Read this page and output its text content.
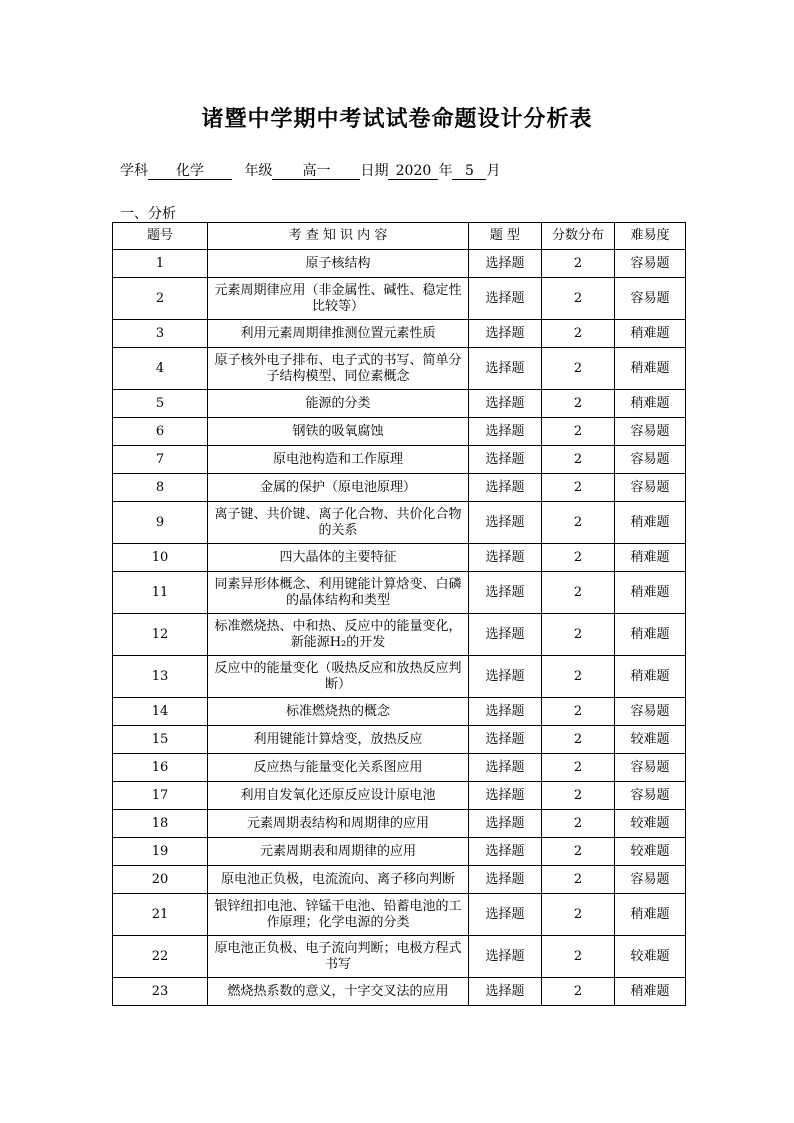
诸暨中学期中考试试卷命题设计分析表
学科 化学	年级 高一 日期 2020 年 5 月
一、分析
题号	考 查 知 识 内 容	题 型	分数分布	难易度
1	原子核结构	选择题	2	容易题
2	元素周期律应用（非金属性、碱性、稳定性比较等）	选择题	2	容易题
3	利用元素周期律推测位置元素性质	选择题	2	稍难题
4	原子核外电子排布、电子式的书写、简单分子结构模型、同位素概念	选择题	2	稍难题
5	能源的分类	选择题	2	稍难题
6	钢铁的吸氧腐蚀	选择题	2	容易题
7	原电池构造和工作原理	选择题	2	容易题
8	金属的保护（原电池原理）	选择题	2	容易题
9	离子键、共价键、离子化合物、共价化合物的关系	选择题	2	稍难题
10	四大晶体的主要特征	选择题	2	稍难题
11	同素异形体概念、利用键能计算焓变、白磷的晶体结构和类型	选择题	2	稍难题
12	标准燃烧热、中和热、反应中的能量变化，新能源H₂的开发	选择题	2	稍难题
13	反应中的能量变化（吸热反应和放热反应判断）	选择题	2	稍难题
14	标准燃烧热的概念	选择题	2	容易题
15	利用键能计算焓变，放热反应	选择题	2	较难题
16	反应热与能量变化关系图应用	选择题	2	容易题
17	利用自发氧化还原反应设计原电池	选择题	2	容易题
18	元素周期表结构和周期律的应用	选择题	2	较难题
19	元素周期表和周期律的应用	选择题	2	较难题
20	原电池正负极，电流流向、离子移向判断	选择题	2	容易题
21	银锌纽扣电池、锌锰干电池、铅蓄电池的工作原理；化学电源的分类	选择题	2	稍难题
22	原电池正负极、电子流向判断；电极方程式书写	选择题	2	较难题
23	燃烧热系数的意义，十字交叉法的应用	选择题	2	稍难题
